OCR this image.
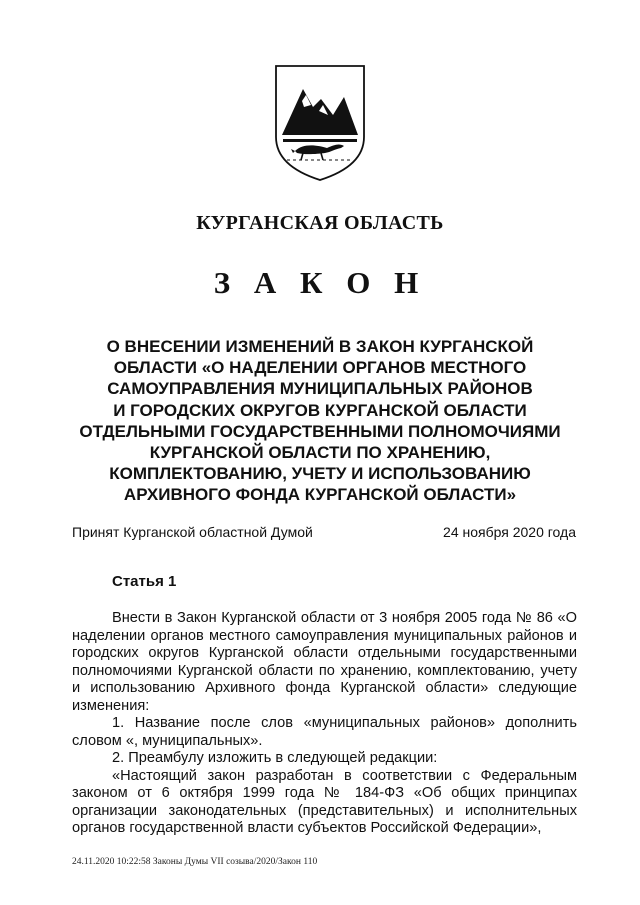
КУРГАНСКАЯ ОБЛАСТЬ
З А К О Н
О ВНЕСЕНИИ ИЗМЕНЕНИЙ В ЗАКОН КУРГАНСКОЙ
ОБЛАСТИ «О НАДЕЛЕНИИ ОРГАНОВ МЕСТНОГО
САМОУПРАВЛЕНИЯ МУНИЦИПАЛЬНЫХ РАЙОНОВ
И ГОРОДСКИХ ОКРУГОВ КУРГАНСКОЙ ОБЛАСТИ
ОТДЕЛЬНЫМИ ГОСУДАРСТВЕННЫМИ ПОЛНОМОЧИЯМИ
КУРГАНСКОЙ ОБЛАСТИ ПО ХРАНЕНИЮ,
КОМПЛЕКТОВАНИЮ, УЧЕТУ И ИСПОЛЬЗОВАНИЮ
АРХИВНОГО ФОНДА КУРГАНСКОЙ ОБЛАСТИ»
Принят Курганской областной Думой	24 ноября 2020 года
Статья 1

Внести в Закон Курганской области от 3 ноября 2005 года № 86 «О наделении органов местного самоуправления муниципальных районов и городских округов Курганской области отдельными государственными полномочиями Курганской области по хранению, комплектованию, учету и использованию Архивного фонда Курганской области» следующие изменения:

1. Название после слов «муниципальных районов» дополнить словом «, муниципальных».

2. Преамбулу изложить в следующей редакции:

«Настоящий закон разработан в соответствии с Федеральным законом от 6 октября 1999 года № 184-ФЗ «Об общих принципах организации законодательных (представительных) и исполнительных органов государственной власти субъектов Российской Федерации»,

24.11.2020 10:22:58 Законы Думы VII созыва/2020/Закон 110
